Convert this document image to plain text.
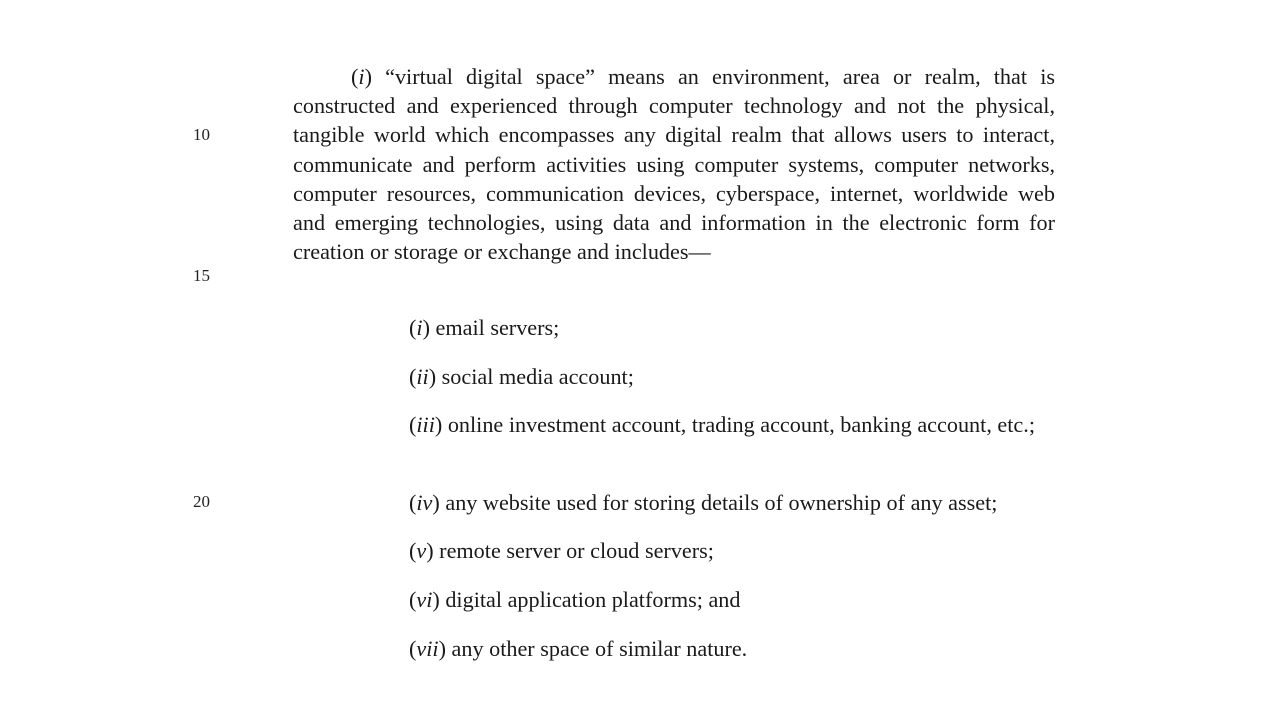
10
15
20

(i) “virtual digital space” means an environment, area or realm, that is constructed and experienced through computer technology and not the physical, tangible world which encompasses any digital realm that allows users to interact, communicate and perform activities using computer systems, computer networks, computer resources, communication devices, cyberspace, internet, worldwide web and emerging technologies, using data and information in the electronic form for creation or storage or exchange and includes—

(i) email servers;

(ii) social media account;

(iii) online investment account, trading account, banking account, etc.;

(iv) any website used for storing details of ownership of any asset;

(v) remote server or cloud servers;

(vi) digital application platforms; and

(vii) any other space of similar nature.
